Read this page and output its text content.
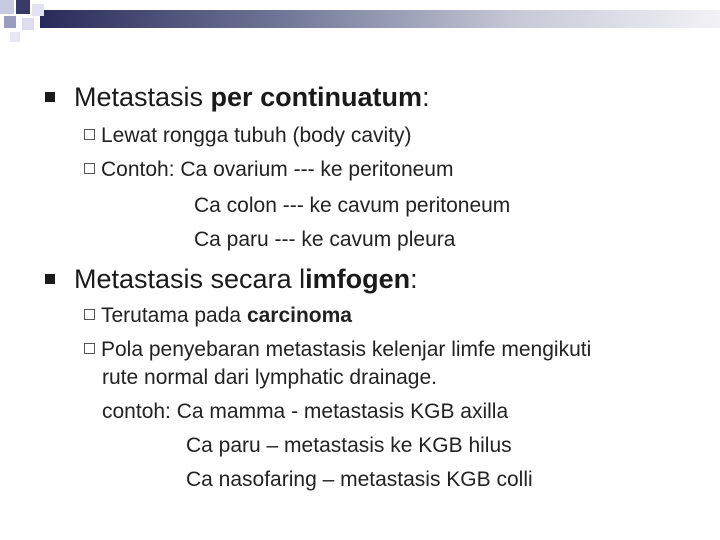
Metastasis per continuatum:
Lewat rongga tubuh (body cavity)
Contoh: Ca ovarium --- ke peritoneum
Ca colon --- ke cavum peritoneum
Ca paru --- ke cavum pleura
Metastasis secara limfogen:
Terutama pada carcinoma
Pola penyebaran metastasis kelenjar limfe mengikuti
rute normal dari lymphatic drainage.
contoh: Ca mamma - metastasis KGB axilla
Ca paru – metastasis ke KGB hilus
Ca nasofaring – metastasis KGB colli
